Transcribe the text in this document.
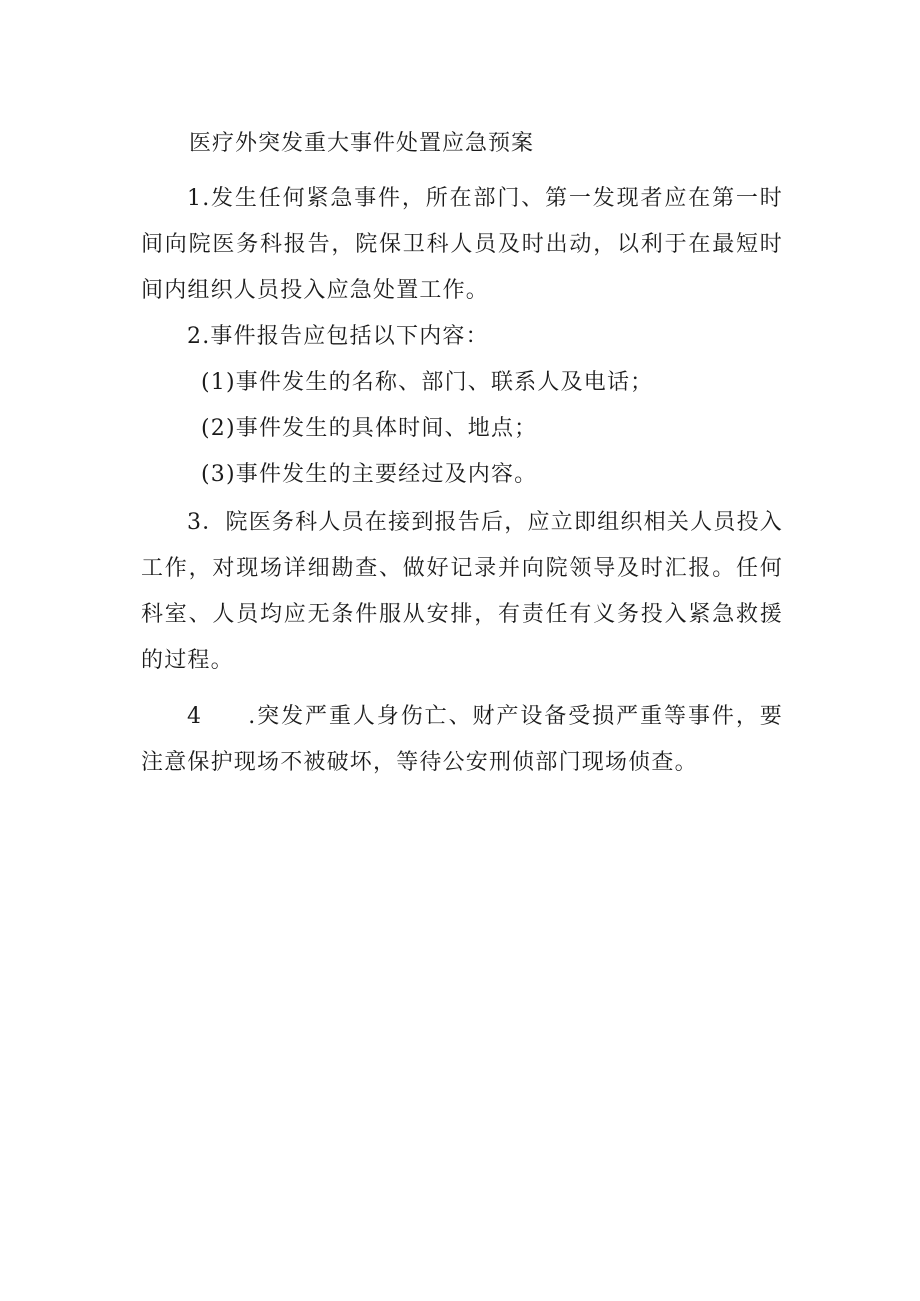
医疗外突发重大事件处置应急预案

1.发生任何紧急事件，所在部门、第一发现者应在第一时间向院医务科报告，院保卫科人员及时出动，以利于在最短时间内组织人员投入应急处置工作。

2.事件报告应包括以下内容：

(1)事件发生的名称、部门、联系人及电话；

(2)事件发生的具体时间、地点；

(3)事件发生的主要经过及内容。

3．院医务科人员在接到报告后，应立即组织相关人员投入工作，对现场详细勘查、做好记录并向院领导及时汇报。任何科室、人员均应无条件服从安排，有责任有义务投入紧急救援的过程。

4 .突发严重人身伤亡、财产设备受损严重等事件，要注意保护现场不被破坏，等待公安刑侦部门现场侦查。
